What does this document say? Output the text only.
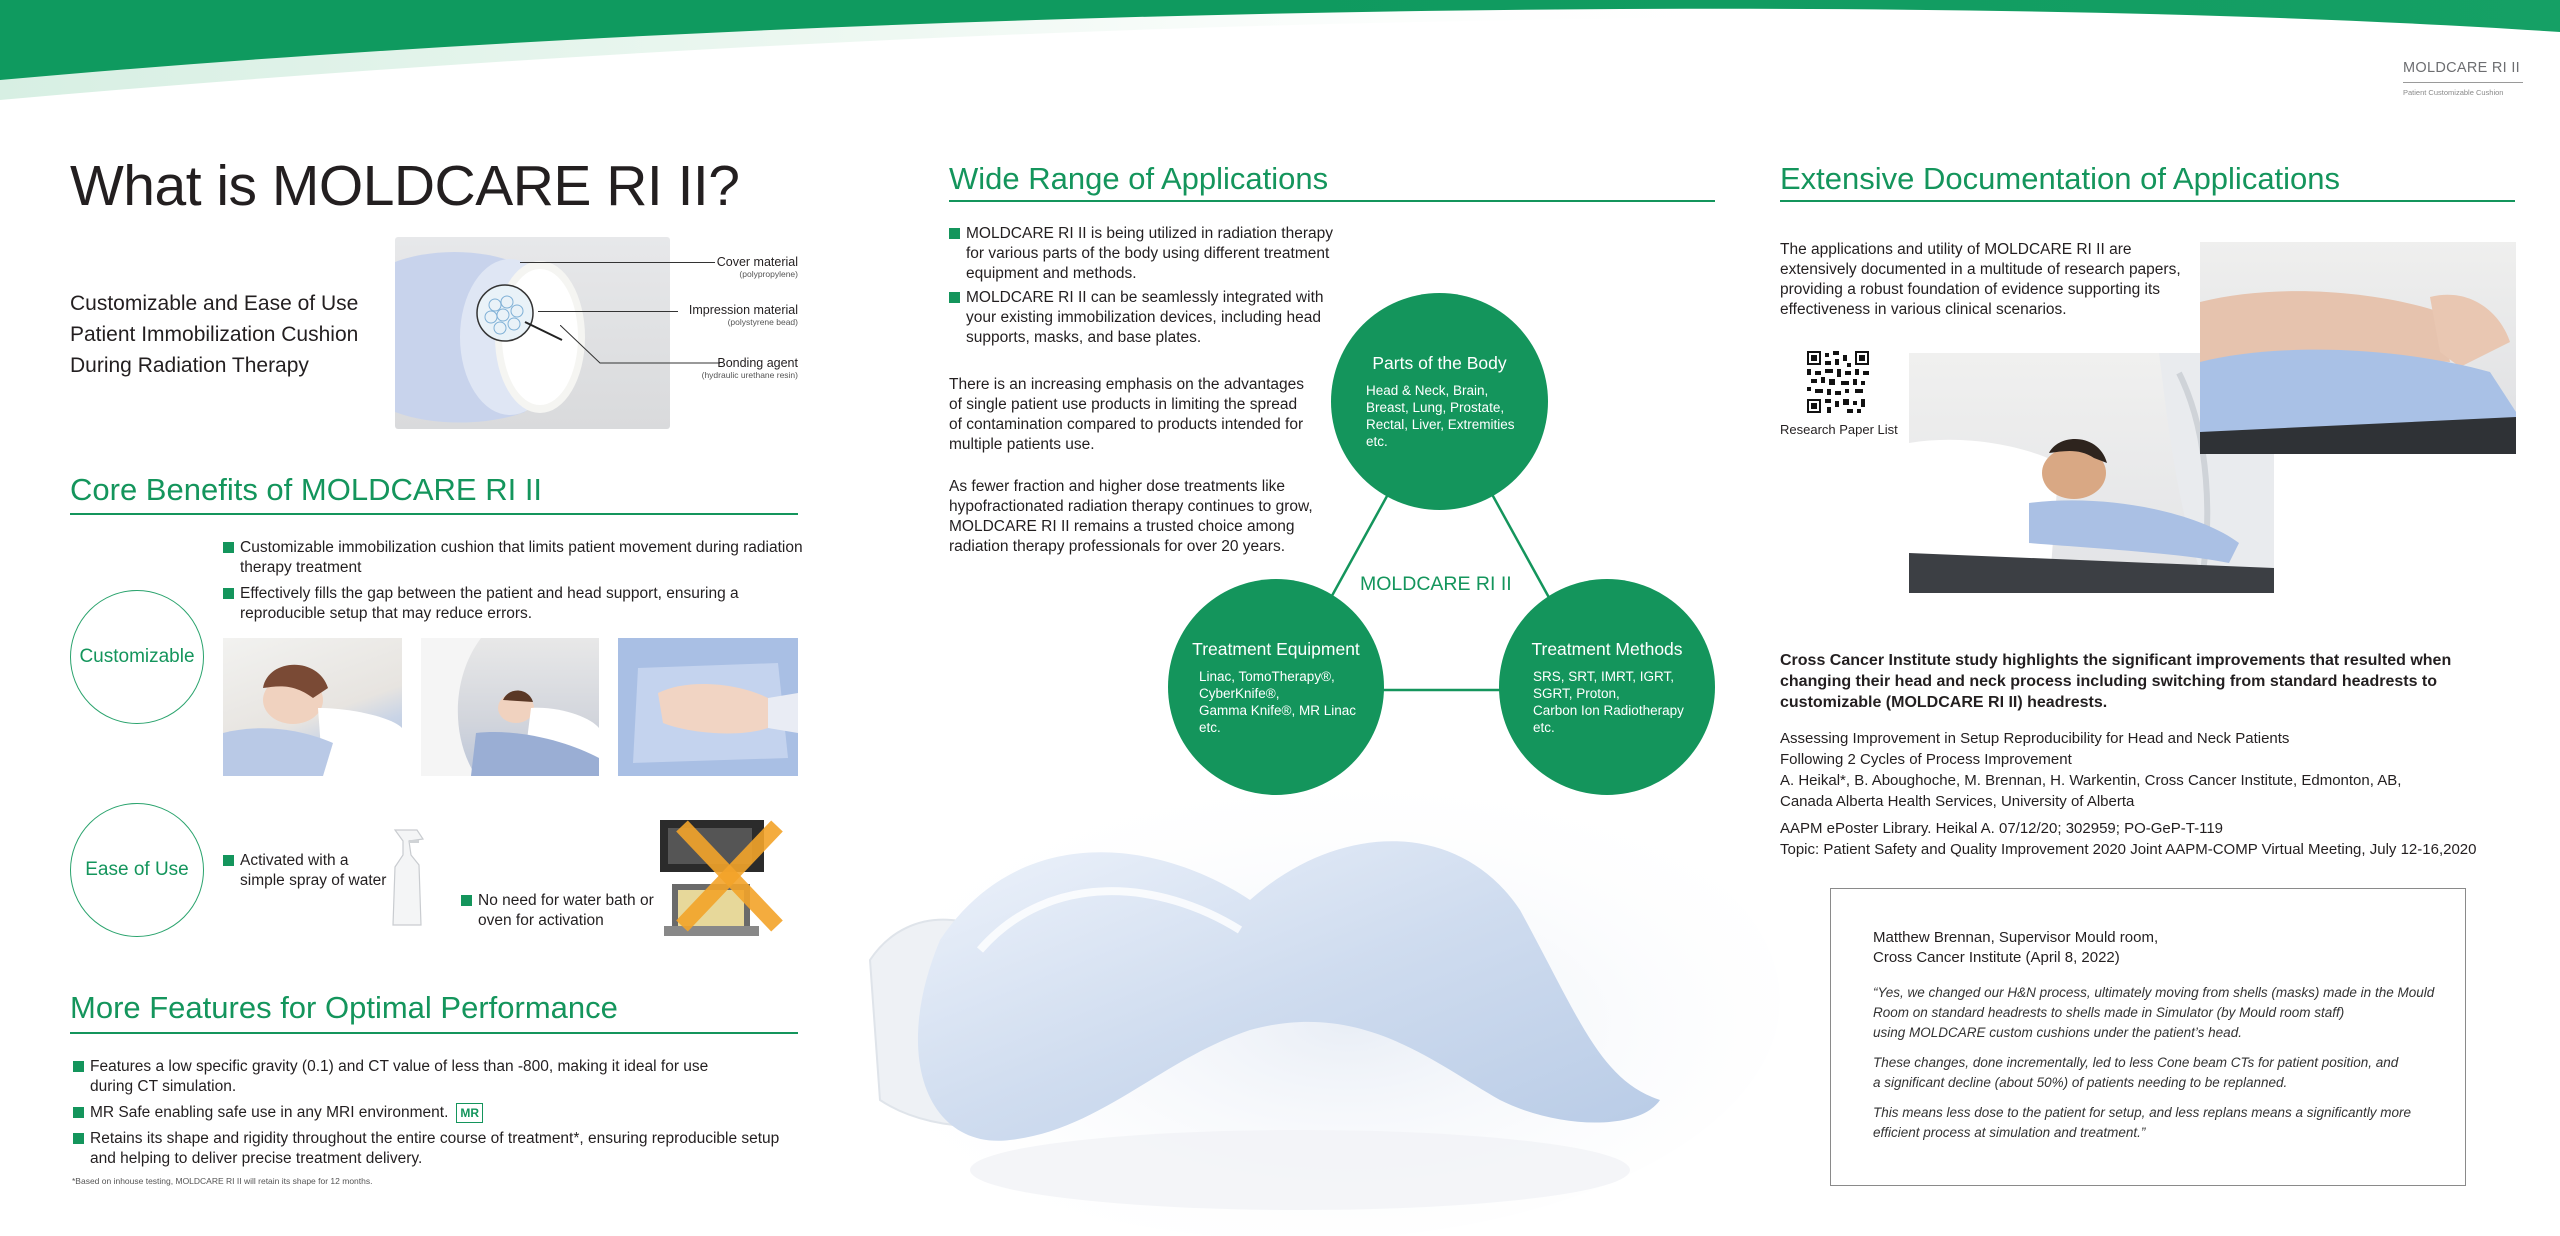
MOLDCARE RI II
Patient Customizable Cushion
What is MOLDCARE RI II?
Customizable and Ease of Use
Patient Immobilization Cushion
During Radiation Therapy
Cover material
(polypropylene)
Impression material
(polystyrene bead)
Bonding agent
(hydraulic urethane resin)
Core Benefits of MOLDCARE RI II
Customizable immobilization cushion that limits patient movement during radiation therapy treatment
Effectively fills the gap between the patient and head support, ensuring a reproducible setup that may reduce errors.
Customizable
Ease of Use	Activated with a simple spray of water
No need for water bath or oven for activation
More Features for Optimal Performance
Features a low specific gravity (0.1) and CT value of less than -800, making it ideal for use during CT simulation.
MR Safe enabling safe use in any MRI environment.	MR
Retains its shape and rigidity throughout the entire course of treatment*, ensuring reproducible setup and helping to deliver precise treatment delivery.
*Based on inhouse testing, MOLDCARE RI II will retain its shape for 12 months.
Wide Range of Applications
MOLDCARE RI II is being utilized in radiation therapy for various parts of the body using different treatment equipment and methods.
MOLDCARE RI II can be seamlessly integrated with your existing immobilization devices, including head supports, masks, and base plates.
There is an increasing emphasis on the advantages of single patient use products in limiting the spread of contamination compared to products intended for multiple patients use.
As fewer fraction and higher dose treatments like hypofractionated radiation therapy continues to grow, MOLDCARE RI II remains a trusted choice among radiation therapy professionals for over 20 years.
MOLDCARE RI II
Parts of the Body
Head & Neck, Brain,
Breast, Lung, Prostate,
Rectal, Liver, Extremities
etc.
Treatment Equipment
Linac, TomoTherapy®,
CyberKnife®,
Gamma Knife®, MR Linac
etc.
Treatment Methods
SRS, SRT, IMRT, IGRT,
SGRT, Proton,
Carbon Ion Radiotherapy
etc.
Extensive Documentation of Applications
The applications and utility of MOLDCARE RI II are extensively documented in a multitude of research papers, providing a robust foundation of evidence supporting its effectiveness in various clinical scenarios.
Research Paper List
Cross Cancer Institute study highlights the significant improvements that resulted when changing their head and neck process including switching from standard headrests to customizable (MOLDCARE RI II) headrests.
Assessing Improvement in Setup Reproducibility for Head and Neck Patients
Following 2 Cycles of Process Improvement
A. Heikal*, B. Aboughoche, M. Brennan, H. Warkentin, Cross Cancer Institute, Edmonton, AB,
Canada Alberta Health Services, University of Alberta
AAPM ePoster Library. Heikal A. 07/12/20; 302959; PO-GeP-T-119
Topic: Patient Safety and Quality Improvement 2020 Joint AAPM-COMP Virtual Meeting, July 12-16,2020
Matthew Brennan, Supervisor Mould room,
Cross Cancer Institute (April 8, 2022)
“Yes, we changed our H&N process, ultimately moving from shells (masks) made in the Mould
Room on standard headrests to shells made in Simulator (by Mould room staff)
using MOLDCARE custom cushions under the patient’s head.
These changes, done incrementally, led to less Cone beam CTs for patient position, and
a significant decline (about 50%) of patients needing to be replanned.
This means less dose to the patient for setup, and less replans means a significantly more
efficient process at simulation and treatment.”
